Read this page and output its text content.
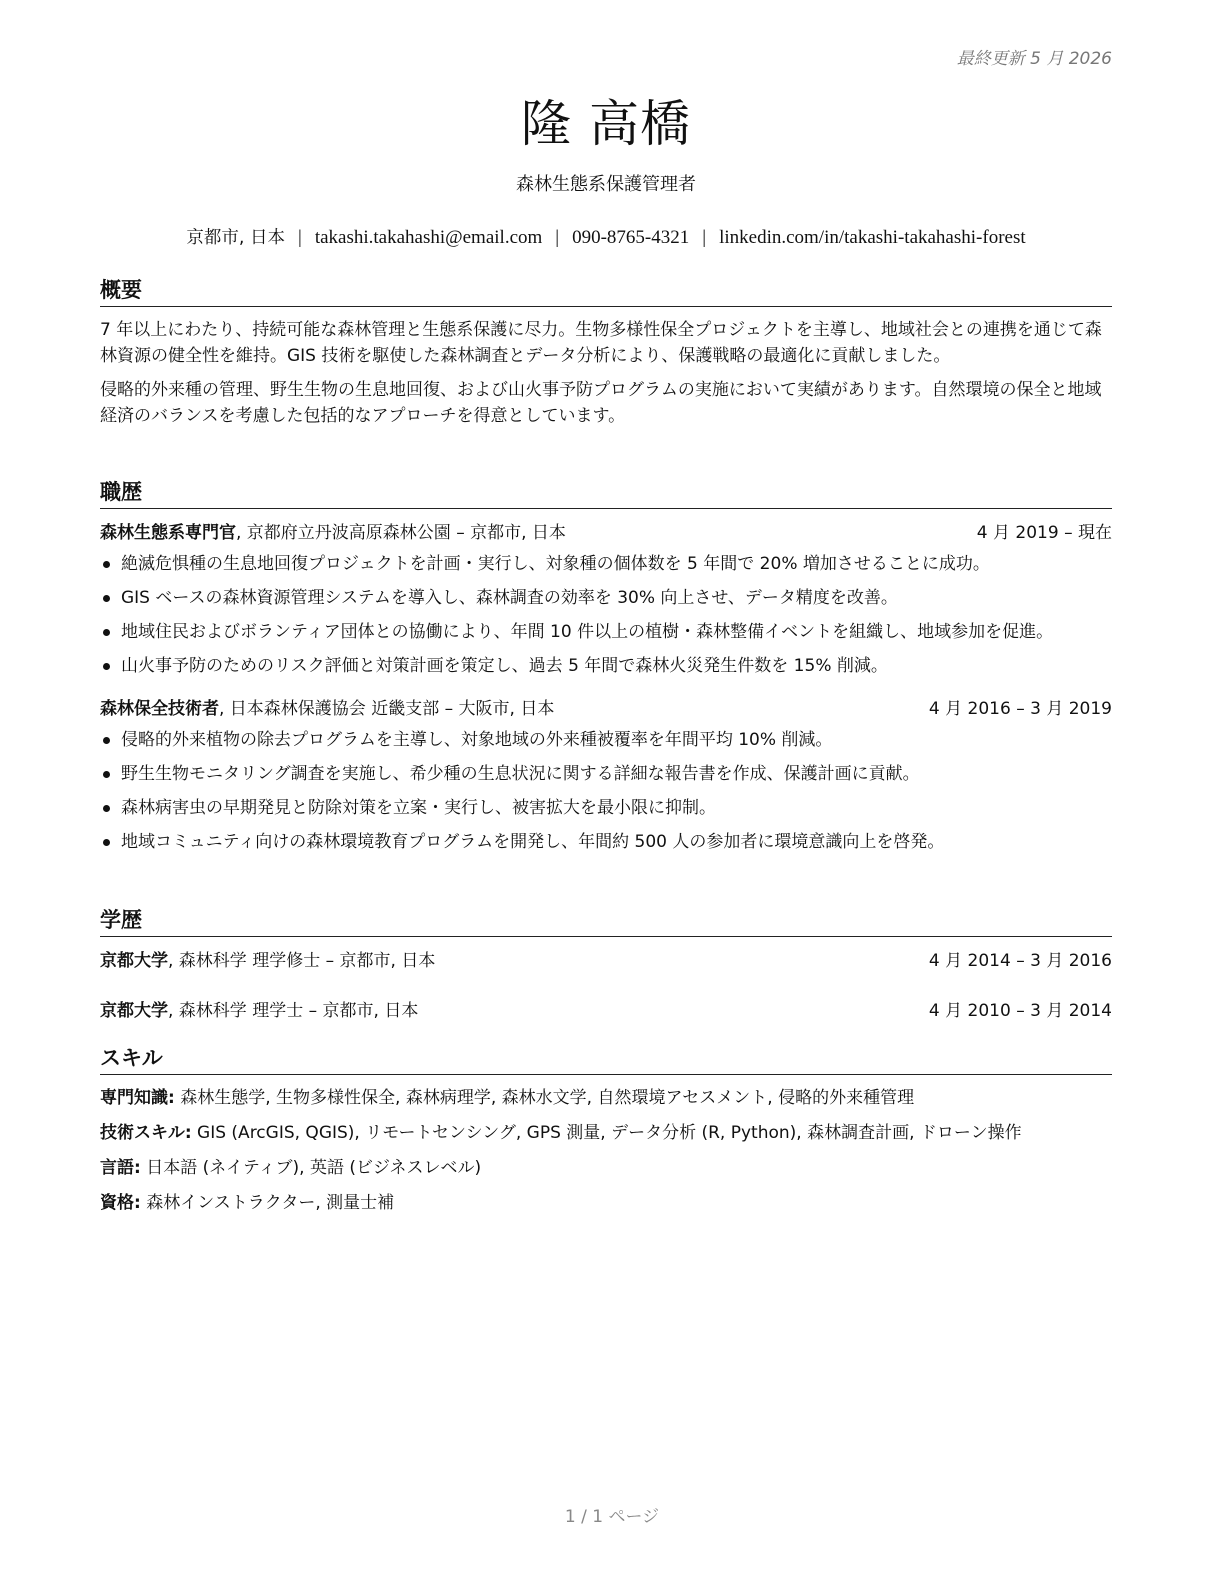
最終更新 5 月 2026
隆 高橋
森林生態系保護管理者
京都市, 日本 | takashi.takahashi@email.com | 090-8765-4321 | linkedin.com/in/takashi-takahashi-forest
概要

7 年以上にわたり、持続可能な森林管理と生態系保護に尽力。生物多様性保全プロジェクトを主導し、地域社会との連携を通じて森林資源の健全性を維持。GIS 技術を駆使した森林調査とデータ分析により、保護戦略の最適化に貢献しました。

侵略的外来種の管理、野生生物の生息地回復、および山火事予防プログラムの実施において実績があります。自然環境の保全と地域経済のバランスを考慮した包括的なアプローチを得意としています。

職歴
森林生態系専門官, 京都府立丹波高原森林公園 – 京都市, 日本	4 月 2019 – 現在
絶滅危惧種の生息地回復プロジェクトを計画・実行し、対象種の個体数を 5 年間で 20% 増加させることに成功。
GIS ベースの森林資源管理システムを導入し、森林調査の効率を 30% 向上させ、データ精度を改善。
地域住民およびボランティア団体との協働により、年間 10 件以上の植樹・森林整備イベントを組織し、地域参加を促進。
山火事予防のためのリスク評価と対策計画を策定し、過去 5 年間で森林火災発生件数を 15% 削減。
森林保全技術者, 日本森林保護協会 近畿支部 – 大阪市, 日本	4 月 2016 – 3 月 2019
侵略的外来植物の除去プログラムを主導し、対象地域の外来種被覆率を年間平均 10% 削減。
野生生物モニタリング調査を実施し、希少種の生息状況に関する詳細な報告書を作成、保護計画に貢献。
森林病害虫の早期発見と防除対策を立案・実行し、被害拡大を最小限に抑制。
地域コミュニティ向けの森林環境教育プログラムを開発し、年間約 500 人の参加者に環境意識向上を啓発。
学歴
京都大学, 森林科学 理学修士 – 京都市, 日本	4 月 2014 – 3 月 2016
京都大学, 森林科学 理学士 – 京都市, 日本	4 月 2010 – 3 月 2014
スキル
専門知識: 森林生態学, 生物多様性保全, 森林病理学, 森林水文学, 自然環境アセスメント, 侵略的外来種管理
技術スキル: GIS (ArcGIS, QGIS), リモートセンシング, GPS 測量, データ分析 (R, Python), 森林調査計画, ドローン操作
言語: 日本語 (ネイティブ), 英語 (ビジネスレベル)
資格: 森林インストラクター, 測量士補
1 / 1 ページ
